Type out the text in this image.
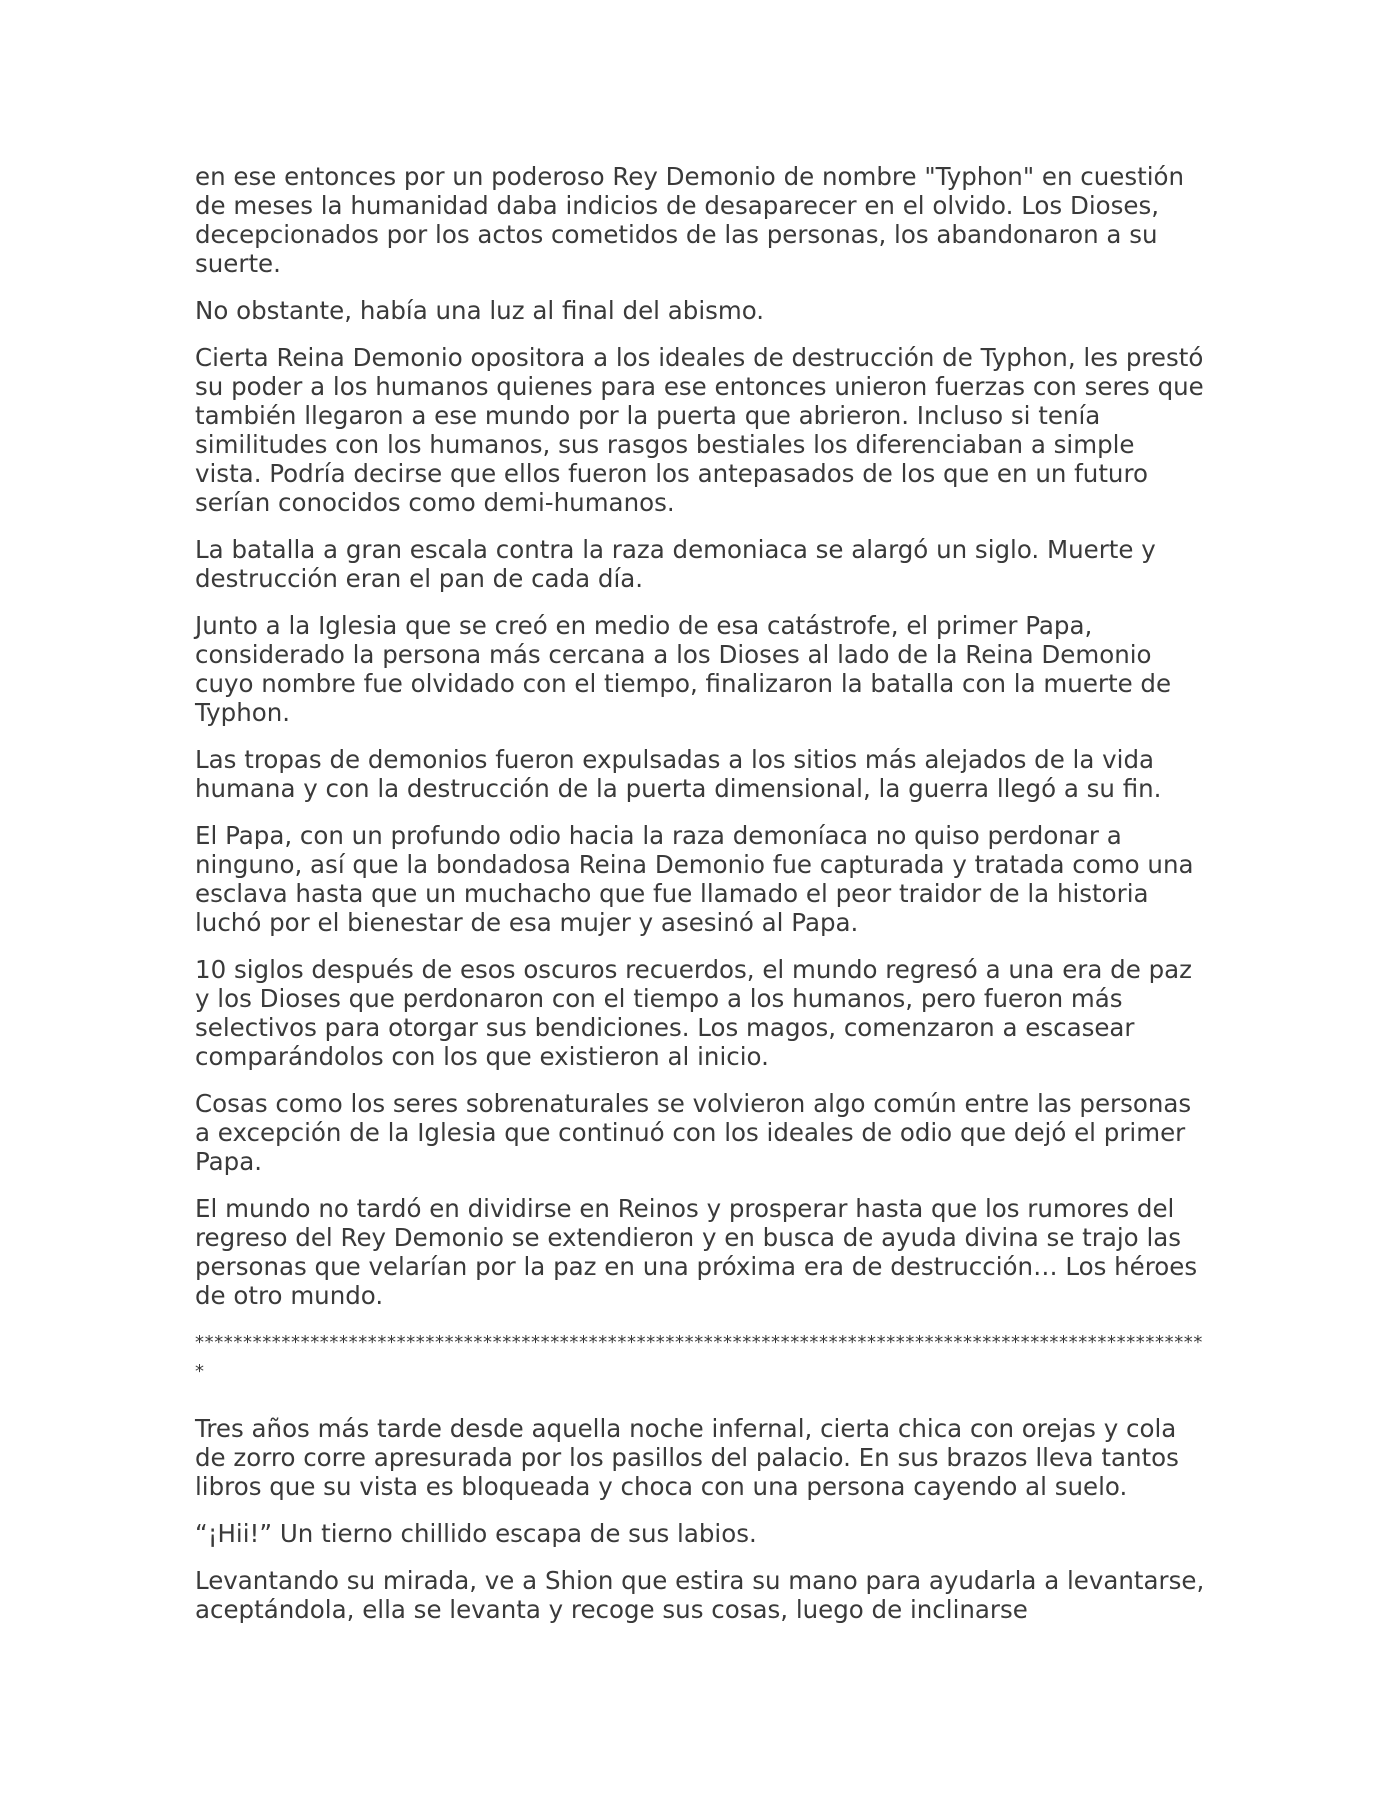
en ese entonces por un poderoso Rey Demonio de nombre "Typhon" en cuestión de meses la humanidad daba indicios de desaparecer en el olvido. Los Dioses, decepcionados por los actos cometidos de las personas, los abandonaron a su suerte.

No obstante, había una luz al final del abismo.

Cierta Reina Demonio opositora a los ideales de destrucción de Typhon, les prestó su poder a los humanos quienes para ese entonces unieron fuerzas con seres que también llegaron a ese mundo por la puerta que abrieron. Incluso si tenía similitudes con los humanos, sus rasgos bestiales los diferenciaban a simple vista. Podría decirse que ellos fueron los antepasados de los que en un futuro serían conocidos como demi-humanos.

La batalla a gran escala contra la raza demoniaca se alargó un siglo. Muerte y destrucción eran el pan de cada día.

Junto a la Iglesia que se creó en medio de esa catástrofe, el primer Papa, considerado la persona más cercana a los Dioses al lado de la Reina Demonio cuyo nombre fue olvidado con el tiempo, finalizaron la batalla con la muerte de Typhon.

Las tropas de demonios fueron expulsadas a los sitios más alejados de la vida humana y con la destrucción de la puerta dimensional, la guerra llegó a su fin.

El Papa, con un profundo odio hacia la raza demoníaca no quiso perdonar a ninguno, así que la bondadosa Reina Demonio fue capturada y tratada como una esclava hasta que un muchacho que fue llamado el peor traidor de la historia luchó por el bienestar de esa mujer y asesinó al Papa.

10 siglos después de esos oscuros recuerdos, el mundo regresó a una era de paz y los Dioses que perdonaron con el tiempo a los humanos, pero fueron más selectivos para otorgar sus bendiciones. Los magos, comenzaron a escasear comparándolos con los que existieron al inicio.

Cosas como los seres sobrenaturales se volvieron algo común entre las personas a excepción de la Iglesia que continuó con los ideales de odio que dejó el primer Papa.

El mundo no tardó en dividirse en Reinos y prosperar hasta que los rumores del regreso del Rey Demonio se extendieron y en busca de ayuda divina se trajo las personas que velarían por la paz en una próxima era de destrucción… Los héroes de otro mundo.

**********************************************************************************************************

Tres años más tarde desde aquella noche infernal, cierta chica con orejas y cola de zorro corre apresurada por los pasillos del palacio. En sus brazos lleva tantos libros que su vista es bloqueada y choca con una persona cayendo al suelo.

“¡Hii!” Un tierno chillido escapa de sus labios.

Levantando su mirada, ve a Shion que estira su mano para ayudarla a levantarse, aceptándola, ella se levanta y recoge sus cosas, luego de inclinarse
